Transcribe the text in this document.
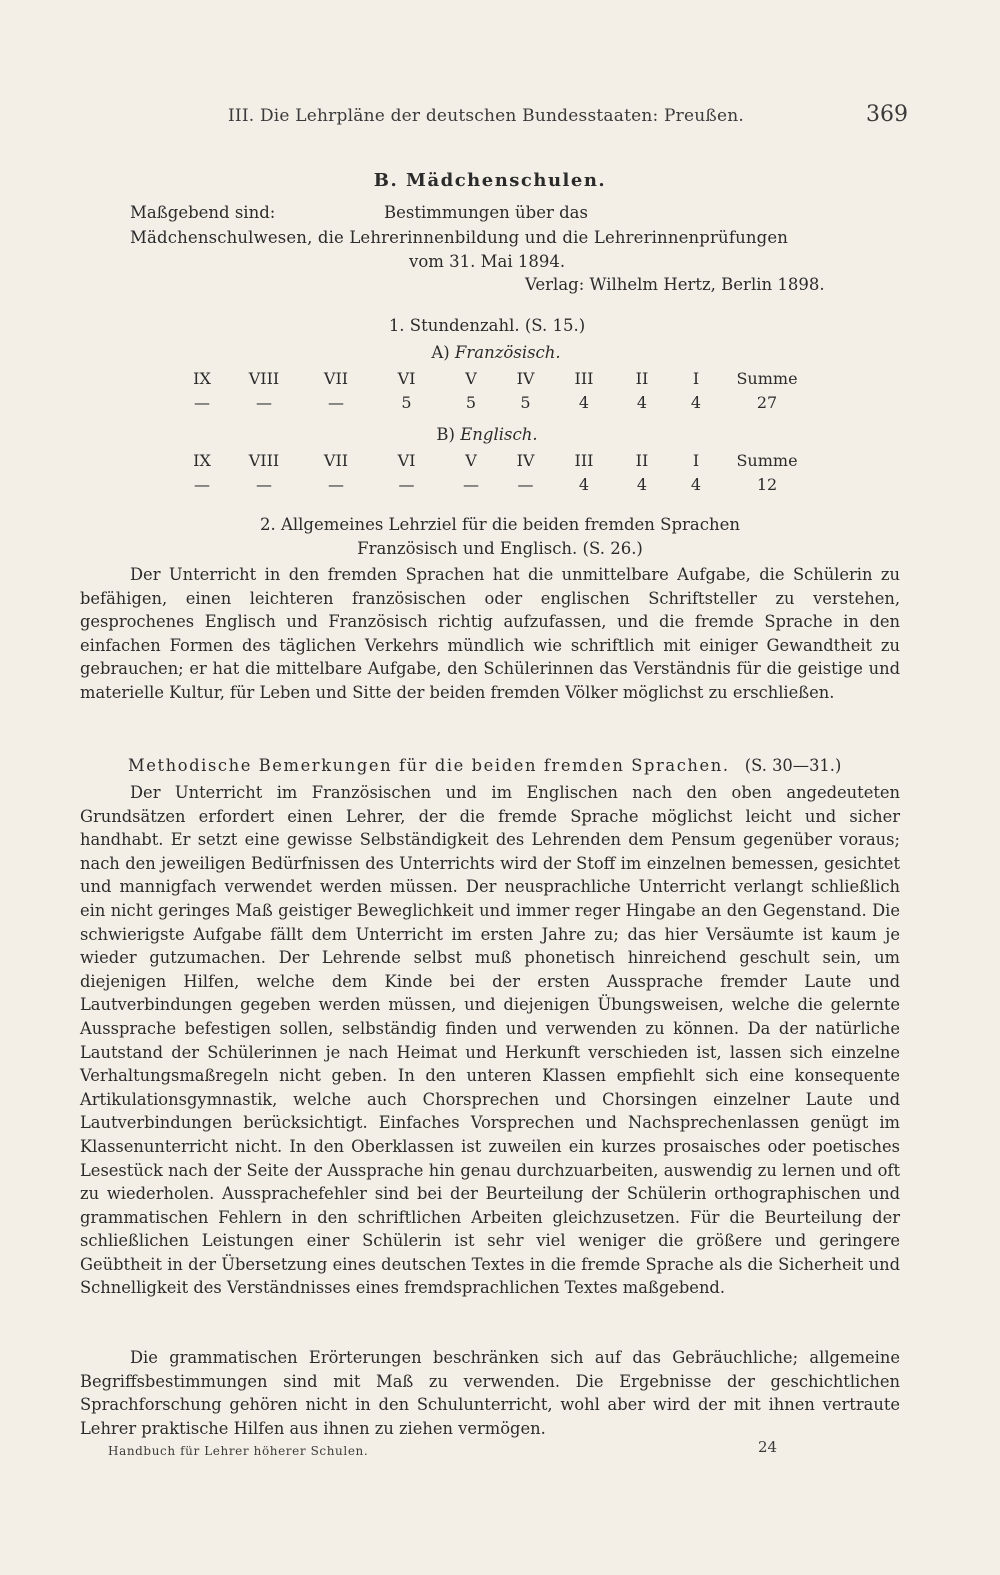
III. Die Lehrpläne der deutschen Bundesstaaten: Preußen.	369
B. Mädchenschulen.
Maßgebend sind:	Bestimmungen über das
Mädchenschulwesen, die Lehrerinnenbildung und die Lehrerinnenprüfungen
vom 31. Mai 1894.
Verlag: Wilhelm Hertz, Berlin 1898.
1. Stundenzahl. (S. 15.)
A) Französisch.
IX	VIII	VII	VI	V	IV	III	II	I	Summe
—	—	—	5	5	5	4	4	4	27
B) Englisch.
IX	VIII	VII	VI	V	IV	III	II	I	Summe
—	—	—	—	—	—	4	4	4	12
2. Allgemeines Lehrziel für die beiden fremden Sprachen
Französisch und Englisch. (S. 26.)
Der Unterricht in den fremden Sprachen hat die unmittelbare Aufgabe, die Schülerin zu befähigen, einen leichteren französischen oder englischen Schriftsteller zu verstehen, gesprochenes Englisch und Französisch richtig aufzufassen, und die fremde Sprache in den einfachen Formen des täglichen Verkehrs mündlich wie schriftlich mit einiger Gewandtheit zu gebrauchen; er hat die mittelbare Aufgabe, den Schülerinnen das Verständnis für die geistige und materielle Kultur, für Leben und Sitte der beiden fremden Völker möglichst zu erschließen.
Methodische Bemerkungen für die beiden fremden Sprachen. (S. 30—31.)
Der Unterricht im Französischen und im Englischen nach den oben angedeuteten Grundsätzen erfordert einen Lehrer, der die fremde Sprache möglichst leicht und sicher handhabt. Er setzt eine gewisse Selbständigkeit des Lehrenden dem Pensum gegenüber voraus; nach den jeweiligen Bedürfnissen des Unterrichts wird der Stoff im einzelnen bemessen, gesichtet und mannigfach verwendet werden müssen. Der neusprachliche Unterricht verlangt schließlich ein nicht geringes Maß geistiger Beweglichkeit und immer reger Hingabe an den Gegenstand. Die schwierigste Aufgabe fällt dem Unterricht im ersten Jahre zu; das hier Versäumte ist kaum je wieder gutzumachen. Der Lehrende selbst muß phonetisch hinreichend geschult sein, um diejenigen Hilfen, welche dem Kinde bei der ersten Aussprache fremder Laute und Lautverbindungen gegeben werden müssen, und diejenigen Übungsweisen, welche die gelernte Aussprache befestigen sollen, selbständig finden und verwenden zu können. Da der natürliche Lautstand der Schülerinnen je nach Heimat und Herkunft verschieden ist, lassen sich einzelne Verhaltungsmaßregeln nicht geben. In den unteren Klassen empfiehlt sich eine konsequente Artikulationsgymnastik, welche auch Chorsprechen und Chorsingen einzelner Laute und Lautverbindungen berücksichtigt. Einfaches Vorsprechen und Nachsprechenlassen genügt im Klassenunterricht nicht. In den Oberklassen ist zuweilen ein kurzes prosaisches oder poetisches Lesestück nach der Seite der Aussprache hin genau durchzuarbeiten, auswendig zu lernen und oft zu wiederholen. Aussprachefehler sind bei der Beurteilung der Schülerin orthographischen und grammatischen Fehlern in den schriftlichen Arbeiten gleichzusetzen. Für die Beurteilung der schließlichen Leistungen einer Schülerin ist sehr viel weniger die größere und geringere Geübtheit in der Übersetzung eines deutschen Textes in die fremde Sprache als die Sicherheit und Schnelligkeit des Verständnisses eines fremdsprachlichen Textes maßgebend.
Die grammatischen Erörterungen beschränken sich auf das Gebräuchliche; allgemeine Begriffsbestimmungen sind mit Maß zu verwenden. Die Ergebnisse der geschichtlichen Sprachforschung gehören nicht in den Schulunterricht, wohl aber wird der mit ihnen vertraute Lehrer praktische Hilfen aus ihnen zu ziehen vermögen.
Handbuch für Lehrer höherer Schulen.	24
